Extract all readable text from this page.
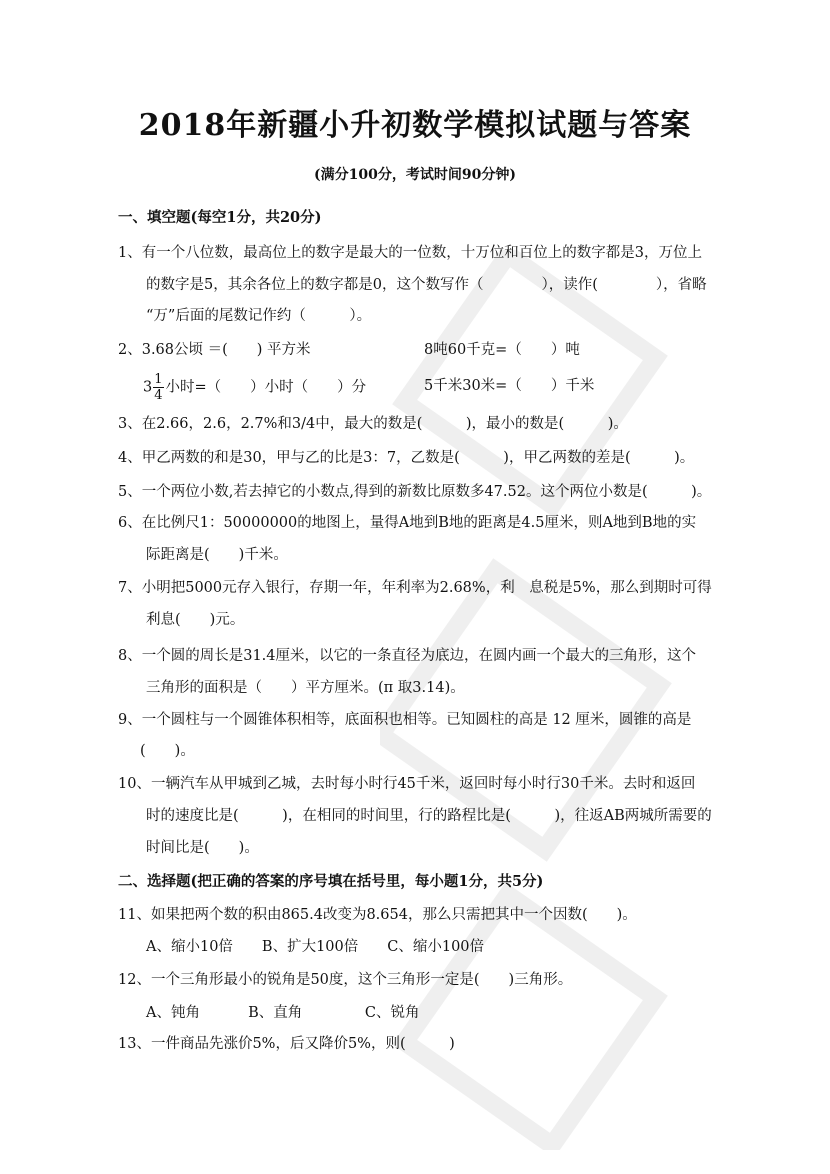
2018年新疆小升初数学模拟试题与答案
(满分100分，考试时间90分钟)
一、填空题(每空1分，共20分)
1、有一个八位数，最高位上的数字是最大的一位数，十万位和百位上的数字都是3，万位上
的数字是5，其余各位上的数字都是0，这个数写作（　　　　），读作(　　　　），省略
“万”后面的尾数记作约（　　　）。
2、3.68公顷 ＝(　　) 平方米	8吨60千克=（　　）吨
$3 \frac{1}{4}$ 小时=（　　）小时（　　）分	5千米30米=（　　）千米
3、在2.66，2.6，2.7%和3/4中，最大的数是(　　　)，最小的数是(　　　)。
4、甲乙两数的和是30，甲与乙的比是3：7，乙数是(　　　)，甲乙两数的差是(　　　)。
5、一个两位小数,若去掉它的小数点,得到的新数比原数多47.52。这个两位小数是(　　　)。
6、在比例尺1：50000000的地图上，量得A地到B地的距离是4.5厘米，则A地到B地的实
际距离是(　　)千米。
7、小明把5000元存入银行，存期一年，年利率为2.68%，利　息税是5%，那么到期时可得
利息(　　)元。
8、一个圆的周长是31.4厘米，以它的一条直径为底边，在圆内画一个最大的三角形，这个
三角形的面积是（　　）平方厘米。(π 取3.14)。
9、一个圆柱与一个圆锥体积相等，底面积也相等。已知圆柱的高是 12 厘米，圆锥的高是
(　　)。
10、一辆汽车从甲城到乙城，去时每小时行45千米，返回时每小时行30千米。去时和返回
时的速度比是(　　　)，在相同的时间里，行的路程比是(　　　)，往返AB两城所需要的
时间比是(　　)。
二、选择题(把正确的答案的序号填在括号里，每小题1分，共5分)
11、如果把两个数的积由865.4改变为8.654，那么只需把其中一个因数(　　)。
A、缩小10倍　　B、扩大100倍　　C、缩小100倍
12、一个三角形最小的锐角是50度，这个三角形一定是(　　)三角形。
A、钝角　　　 B、直角　　　　 C、锐角
13、一件商品先涨价5%，后又降价5%，则(　　　)
